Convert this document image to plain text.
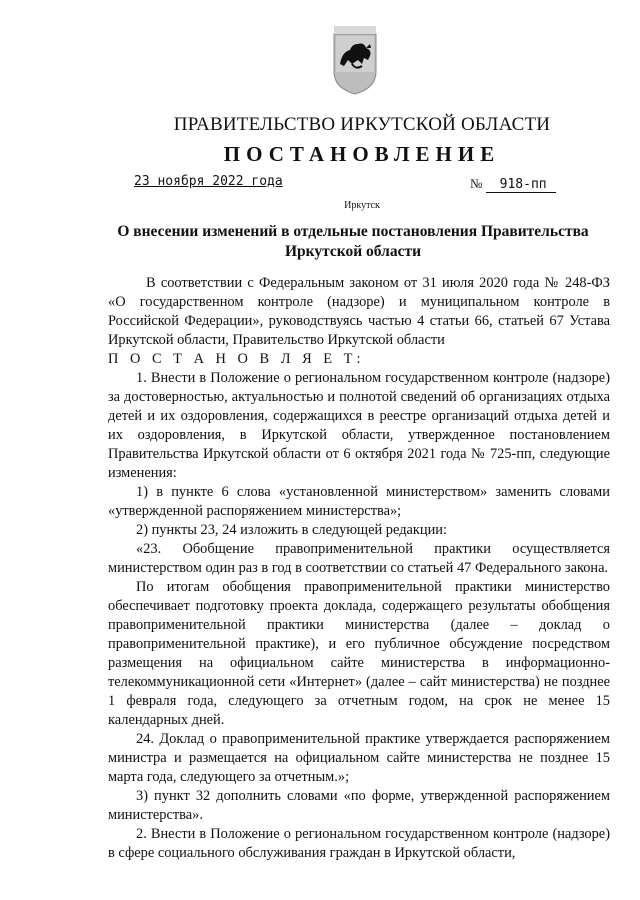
ПРАВИТЕЛЬСТВО ИРКУТСКОЙ ОБЛАСТИ
ПОСТАНОВЛЕНИЕ
23 ноября 2022 года	№ 918-пп
Иркутск
О внесении изменений в отдельные постановления Правительства Иркутской области

В соответствии с Федеральным законом от 31 июля 2020 года № 248-ФЗ «О государственном контроле (надзоре) и муниципальном контроле в Российской Федерации», руководствуясь частью 4 статьи 66, статьей 67 Устава Иркутской области, Правительство Иркутской области

П О С Т А Н О В Л Я Е Т:

1. Внести в Положение о региональном государственном контроле (надзоре) за достоверностью, актуальностью и полнотой сведений об организациях отдыха детей и их оздоровления, содержащихся в реестре организаций отдыха детей и их оздоровления, в Иркутской области, утвержденное постановлением Правительства Иркутской области от 6 октября 2021 года № 725-пп, следующие изменения:

1) в пункте 6 слова «установленной министерством» заменить словами «утвержденной распоряжением министерства»;

2) пункты 23, 24 изложить в следующей редакции:

«23. Обобщение правоприменительной практики осуществляется министерством один раз в год в соответствии со статьей 47 Федерального закона.

По итогам обобщения правоприменительной практики министерство обеспечивает подготовку проекта доклада, содержащего результаты обобщения правоприменительной практики министерства (далее – доклад о правоприменительной практике), и его публичное обсуждение посредством размещения на официальном сайте министерства в информационно-телекоммуникационной сети «Интернет» (далее – сайт министерства) не позднее 1 февраля года, следующего за отчетным годом, на срок не менее 15 календарных дней.

24. Доклад о правоприменительной практике утверждается распоряжением министра и размещается на официальном сайте министерства не позднее 15 марта года, следующего за отчетным.»;

3) пункт 32 дополнить словами «по форме, утвержденной распоряжением министерства».

2. Внести в Положение о региональном государственном контроле (надзоре) в сфере социального обслуживания граждан в Иркутской области,
